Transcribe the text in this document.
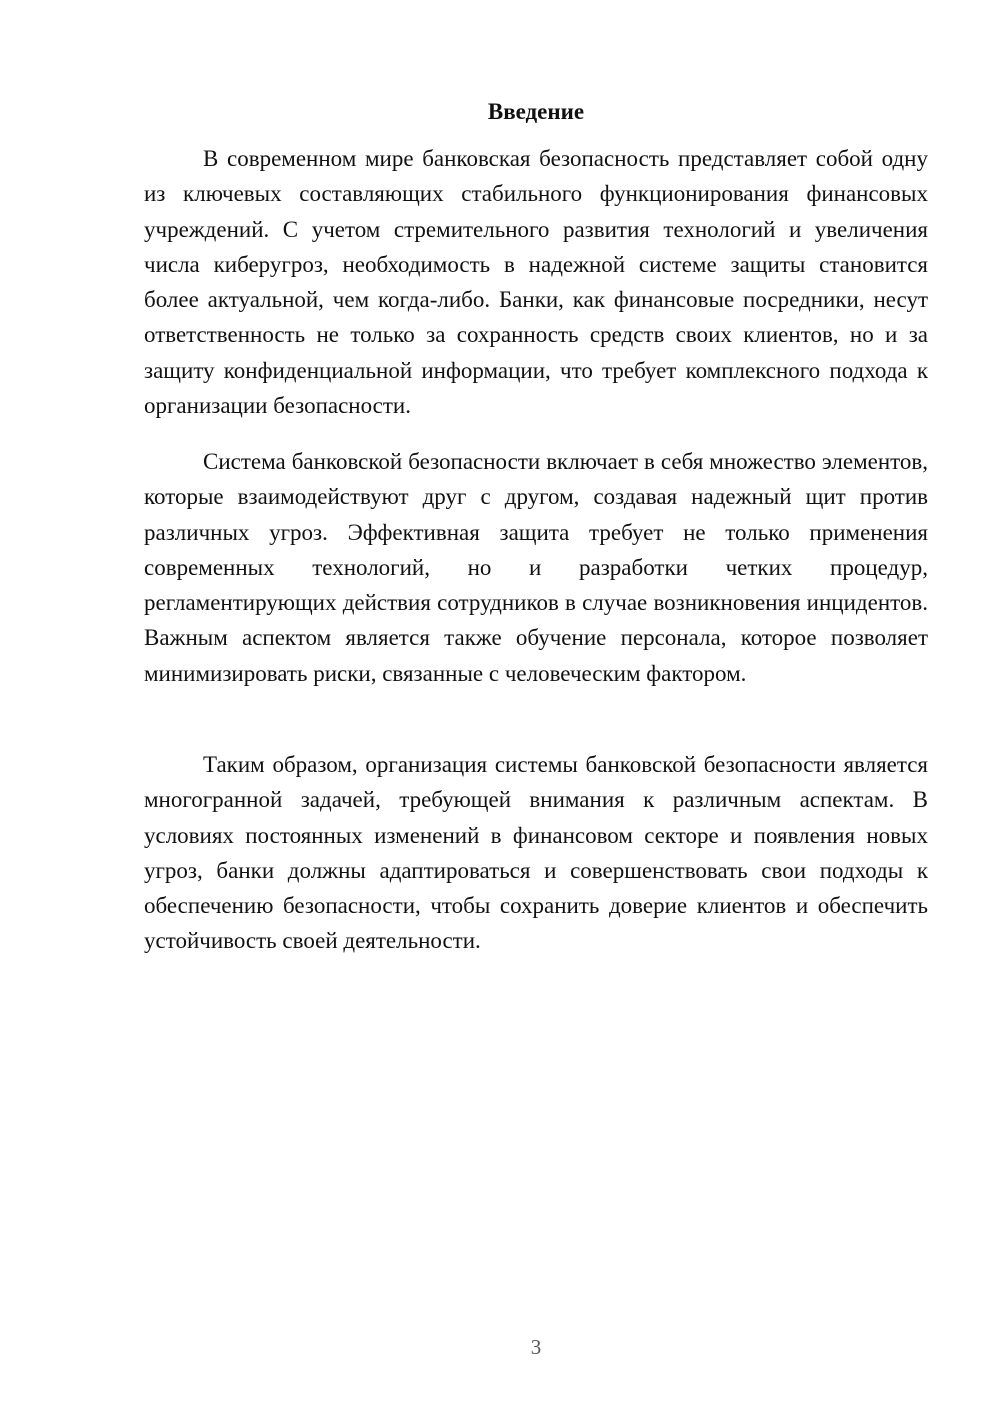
Введение

В современном мире банковская безопасность представляет собой одну из ключевых составляющих стабильного функционирования финансовых учреждений. С учетом стремительного развития технологий и увеличения числа киберугроз, необходимость в надежной системе защиты становится более актуальной, чем когда-либо. Банки, как финансовые посредники, несут ответственность не только за сохранность средств своих клиентов, но и за защиту конфиденциальной информации, что требует комплексного подхода к организации безопасности.

Система банковской безопасности включает в себя множество элементов, которые взаимодействуют друг с другом, создавая надежный щит против различных угроз. Эффективная защита требует не только применения современных технологий, но и разработки четких процедур, регламентирующих действия сотрудников в случае возникновения инцидентов. Важным аспектом является также обучение персонала, которое позволяет минимизировать риски, связанные с человеческим фактором.

Таким образом, организация системы банковской безопасности является многогранной задачей, требующей внимания к различным аспектам. В условиях постоянных изменений в финансовом секторе и появления новых угроз, банки должны адаптироваться и совершенствовать свои подходы к обеспечению безопасности, чтобы сохранить доверие клиентов и обеспечить устойчивость своей деятельности.

3
